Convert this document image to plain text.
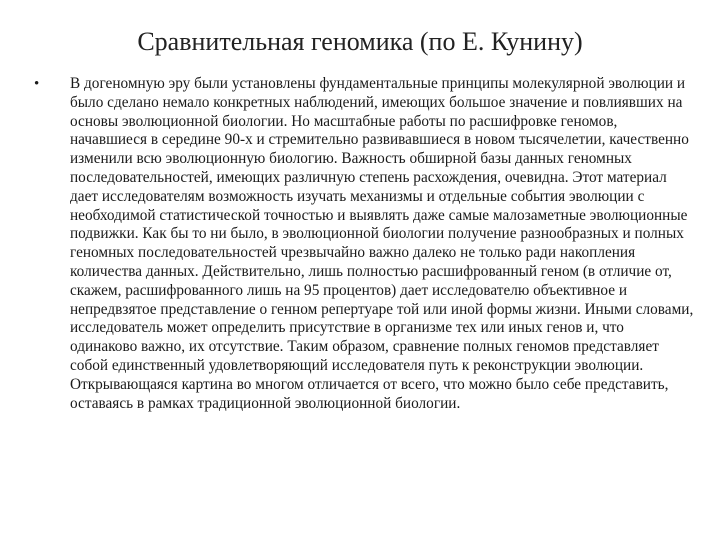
Сравнительная геномика (по Е. Кунину)
• В догеномную эру были установлены фундаментальные принципы молекулярной эволюции и было сделано немало конкретных наблюдений, имеющих большое значение и повлиявших на основы эволюционной биологии. Но масштабные работы по расшифровке геномов, начавшиеся в середине 90-х и стремительно развивавшиеся в новом тысячелетии, качественно изменили всю эволюционную биологию. Важность обширной базы данных геномных последовательностей, имеющих различную степень расхождения, очевидна. Этот материал дает исследователям возможность изучать механизмы и отдельные события эволюции с необходимой статистической точностью и выявлять даже самые малозаметные эволюционные подвижки. Как бы то ни было, в эволюционной биологии получение разнообразных и полных геномных последовательностей чрезвычайно важно далеко не только ради накопления количества данных. Действительно, лишь полностью расшифрованный геном (в отличие от, скажем, расшифрованного лишь на 95 процентов) дает исследователю объективное и непредвзятое представление о генном репертуаре той или иной формы жизни. Иными словами, исследователь может определить присутствие в организме тех или иных генов и, что одинаково важно, их отсутствие. Таким образом, сравнение полных геномов представляет собой единственный удовлетворяющий исследователя путь к реконструкции эволюции. Открывающаяся картина во многом отличается от всего, что можно было себе представить, оставаясь в рамках традиционной эволюционной биологии.
